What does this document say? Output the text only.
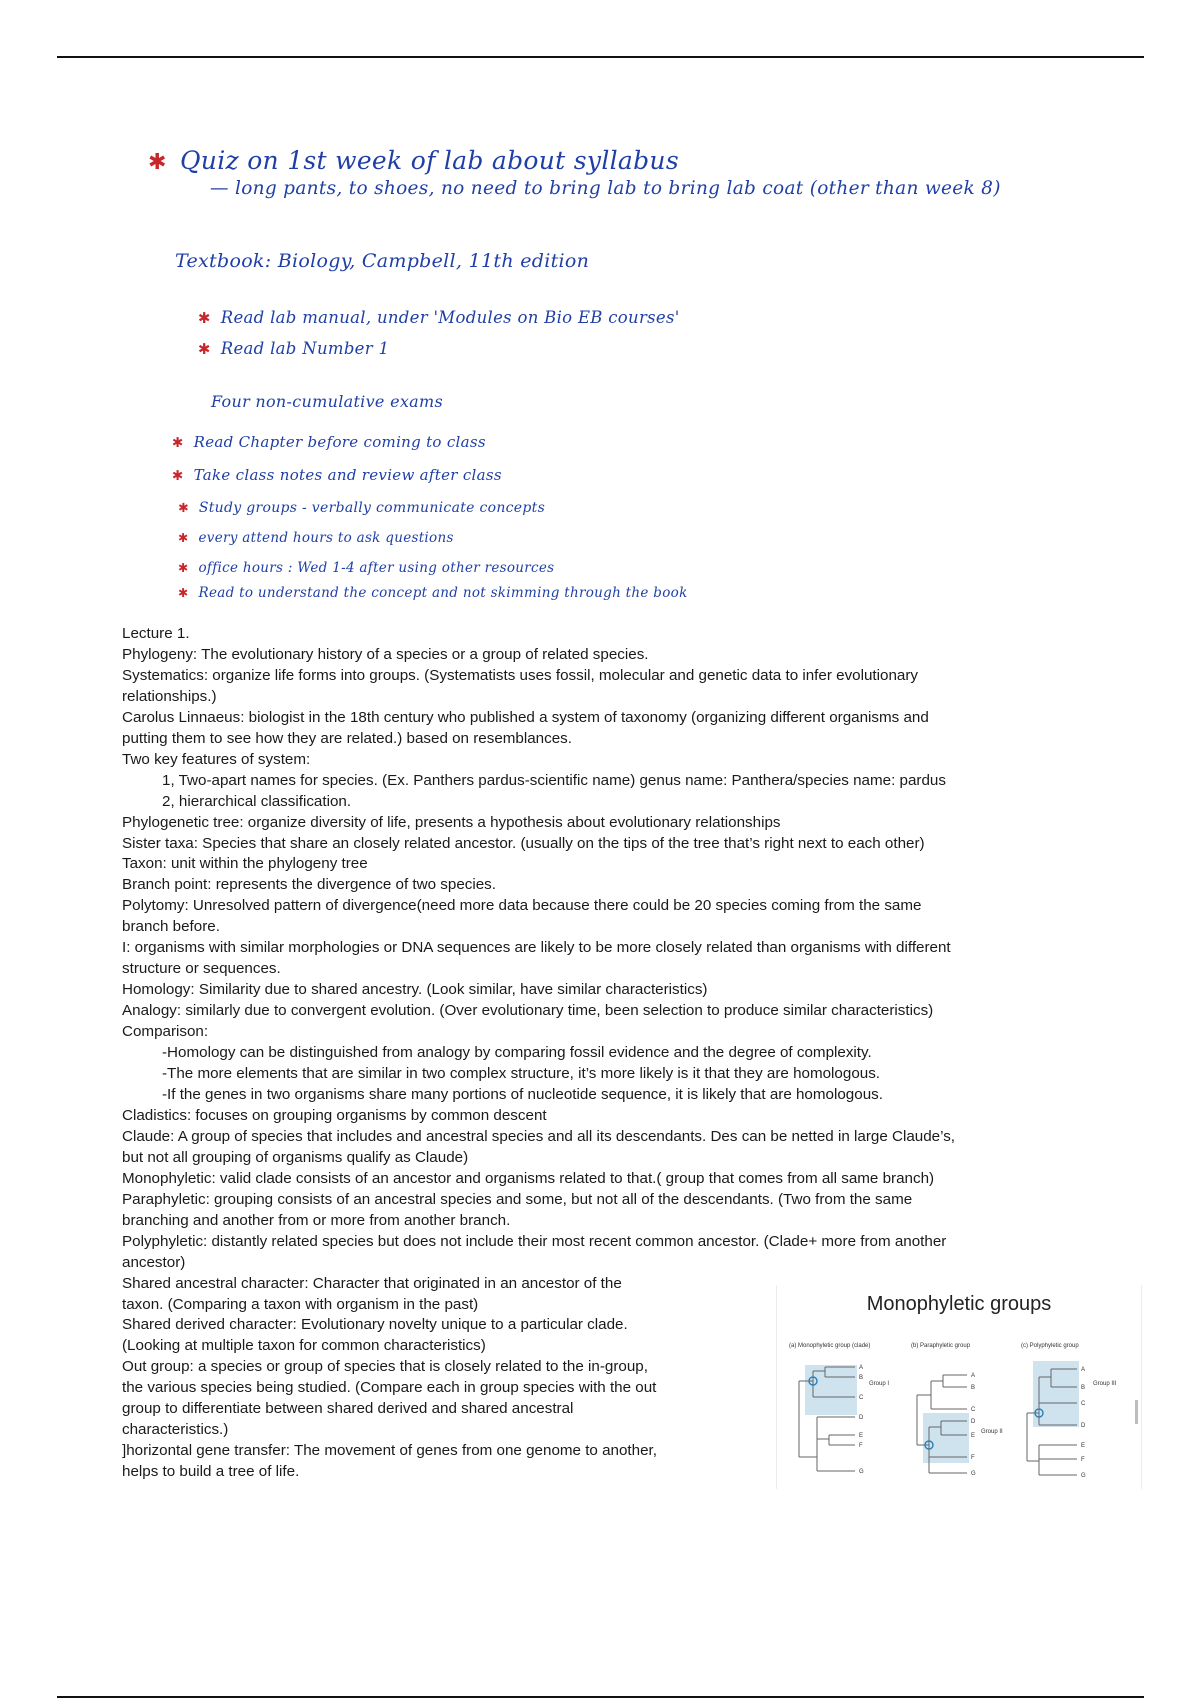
✱ Quiz on 1st week of lab about syllabus
— long pants, to shoes, no need to bring lab to bring lab coat (other than week 8)
Textbook: Biology, Campbell, 11th edition
✱ Read lab manual, under 'Modules on Bio EB courses'
✱ Read lab Number 1
Four non-cumulative exams
✱ Read Chapter before coming to class
✱ Take class notes and review after class
✱ Study groups - verbally communicate concepts
✱ every attend hours to ask questions
✱ office hours : Wed 1-4 after using other resources
✱ Read to understand the concept and not skimming through the book
Lecture 1.
Phylogeny: The evolutionary history of a species or a group of related species.
Systematics: organize life forms into groups. (Systematists uses fossil, molecular and genetic data to infer evolutionary
relationships.)
Carolus Linnaeus: biologist in the 18th century who published a system of taxonomy (organizing different organisms and
putting them to see how they are related.) based on resemblances.
Two key features of system:
1, Two-apart names for species. (Ex. Panthers pardus-scientific name) genus name: Panthera/species name: pardus
2, hierarchical classification.
Phylogenetic tree: organize diversity of life, presents a hypothesis about evolutionary relationships
Sister taxa: Species that share an closely related ancestor. (usually on the tips of the tree that’s right next to each other)
Taxon: unit within the phylogeny tree
Branch point: represents the divergence of two species.
Polytomy: Unresolved pattern of divergence(need more data because there could be 20 species coming from the same
branch before.
I: organisms with similar morphologies or DNA sequences are likely to be more closely related than organisms with different
structure or sequences.
Homology: Similarity due to shared ancestry. (Look similar, have similar characteristics)
Analogy: similarly due to convergent evolution. (Over evolutionary time, been selection to produce similar characteristics)
Comparison:
-Homology can be distinguished from analogy by comparing fossil evidence and the degree of complexity.
-The more elements that are similar in two complex structure, it’s more likely is it that they are homologous.
-If the genes in two organisms share many portions of nucleotide sequence, it is likely that are homologous.
Cladistics: focuses on grouping organisms by common descent
Claude: A group of species that includes and ancestral species and all its descendants. Des can be netted in large Claude’s,
but not all grouping of organisms qualify as Claude)
Monophyletic: valid clade consists of an ancestor and organisms related to that.( group that comes from all same branch)
Paraphyletic: grouping consists of an ancestral species and some, but not all of the descendants. (Two from the same
branching and another from or more from another branch.
Polyphyletic: distantly related species but does not include their most recent common ancestor. (Clade+ more from another
ancestor)
Shared ancestral character: Character that originated in an ancestor of the
taxon. (Comparing a taxon with organism in the past)
Shared derived character: Evolutionary novelty unique to a particular clade.
(Looking at multiple taxon for common characteristics)
Out group: a species or group of species that is closely related to the in-group,
the various species being studied. (Compare each in group species with the out
group to differentiate between shared derived and shared ancestral
characteristics.)
]horizontal gene transfer: The movement of genes from one genome to another,
helps to build a tree of life.
Monophyletic groups
(a) Monophyletic group (clade)	(b) Paraphyletic group	(c) Polyphyletic group
A
B
C
D
E
F
G
Group I
A
B
C
D
E
F
G
Group II
A
B
C
D
E
F
G
Group III
